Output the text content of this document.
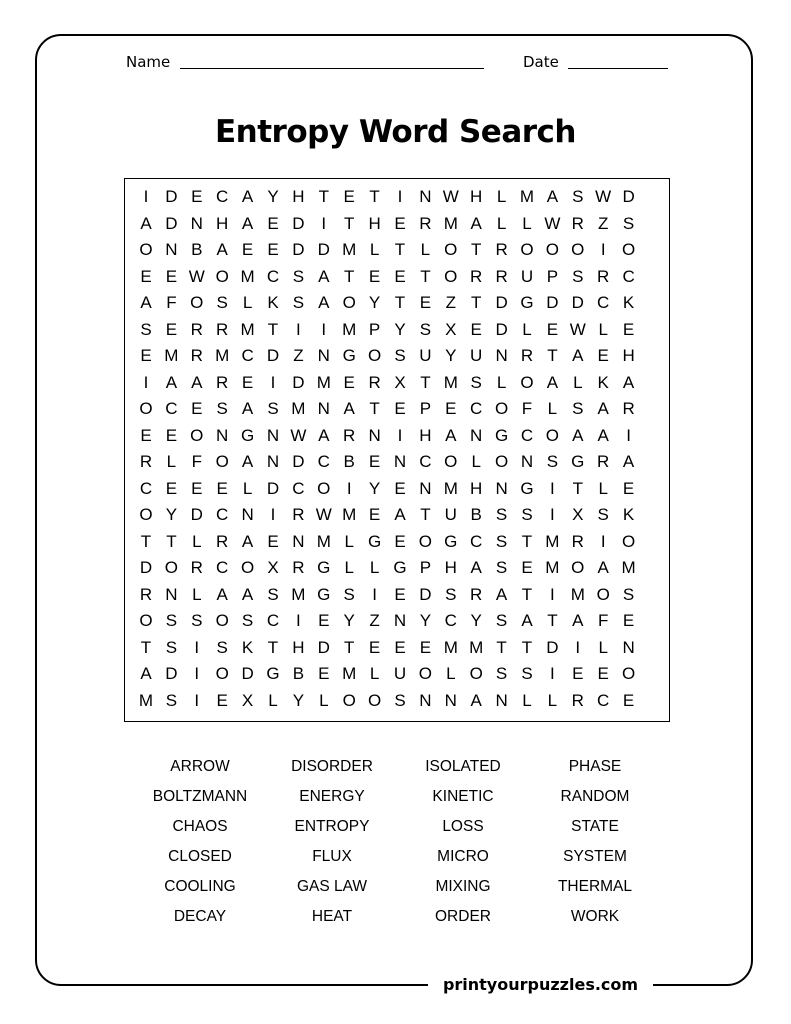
Name	Date
Entropy Word Search
I D E C A Y H T E T	I N W H L M A S W D
A D N H A E D I	T H E R M A L L W R Z S
O N B A E E D D M L T L O T R O O O I O
E E W O M C S A T E E T O R R U P S R C
A F O S L K S A O Y T E Z T D G D D C K
S E R R M T	I	I M P Y S X E D L E W L E
E M R M C D Z N G O S U Y U N R T A E H
I	A A R E	I D M E R X T M S L O A L K A
O C E S A S M N A T E P E C O F L S A R
E E O N G N W A R N I H A N G C O A A	I
R L F O A N D C B E N C O L O N S G R A
C E E E L D C O I	Y E N M H N G I	T L E
O Y D C N I R W M E A T U B S S	I	X S K
T T L R A E N M L G E O G C S T M R I O
D O R C O X R G L L G P H A S E M O A M
R N L A A S M G S	I	E D S R A T	I M O S
O S S O S C I	E Y Z N Y C Y S A T A F E
T S	I	S K T H D T E E E M M T T D I	L N
A D I O D G B E M L U O L O S S	I	E E O
M S	I	E X L Y L O O S N N A N L L R C E
ARROW	DISORDER	ISOLATED	PHASE
BOLTZMANN	ENERGY	KINETIC	RANDOM
CHAOS	ENTROPY	LOSS	STATE
CLOSED	FLUX	MICRO	SYSTEM
COOLING	GAS LAW	MIXING	THERMAL
DECAY	HEAT	ORDER	WORK
printyourpuzzles.com
